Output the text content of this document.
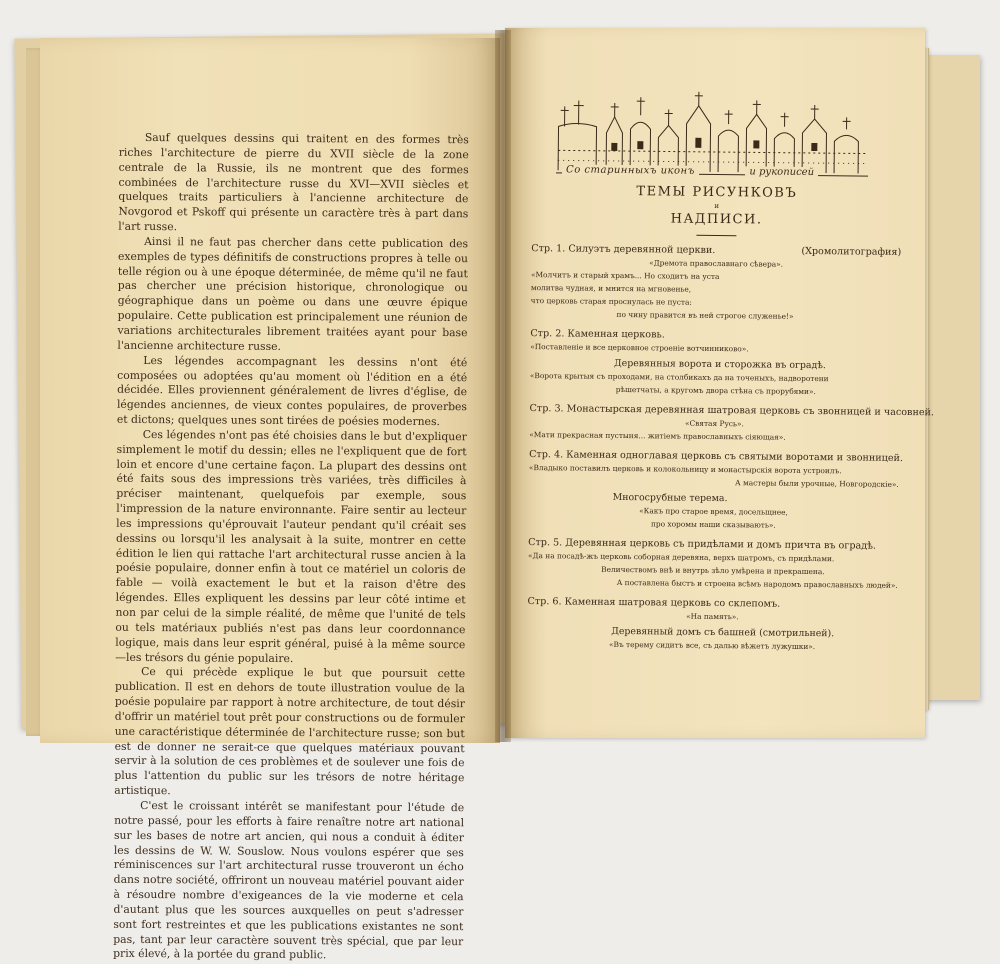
Sauf quelques dessins qui traitent en des formes très riches l'architecture de pierre du XVII siècle de la zone centrale de la Russie, ils ne montrent que des formes combinées de l'architecture russe du XVI—XVII siècles et quelques traits particuliers à l'ancienne architecture de Novgorod et Pskoff qui présente un caractère très à part dans l'art russe.

Ainsi il ne faut pas chercher dans cette publication des exemples de types définitifs de constructions propres à telle ou telle région ou à une époque déterminée, de même qu'il ne faut pas chercher une précision historique, chronologique ou géographique dans un poème ou dans une œuvre épique populaire. Cette publication est principalement une réunion de variations architecturales librement traitées ayant pour base l'ancienne architecture russe.

Les légendes accompagnant les dessins n'ont été composées ou adoptées qu'au moment où l'édition en a été décidée. Elles proviennent généralement de livres d'église, de légendes anciennes, de vieux contes populaires, de proverbes et dictons; quelques unes sont tirées de poésies modernes.

Ces légendes n'ont pas été choisies dans le but d'expliquer simplement le motif du dessin; elles ne l'expliquent que de fort loin et encore d'une certaine façon. La plupart des dessins ont été faits sous des impressions très variées, très difficiles à préciser maintenant, quelquefois par exemple, sous l'impression de la nature environnante. Faire sentir au lecteur les impressions qu'éprouvait l'auteur pendant qu'il créait ses dessins ou lorsqu'il les analysait à la suite, montrer en cette édition le lien qui rattache l'art architectural russe ancien à la poésie populaire, donner enfin à tout ce matériel un coloris de fable — voilà exactement le but et la raison d'être des légendes. Elles expliquent les dessins par leur côté intime et non par celui de la simple réalité, de même que l'unité de tels ou tels matériaux publiés n'est pas dans leur coordonnance logique, mais dans leur esprit général, puisé à la même source—les trésors du génie populaire.

Ce qui précède explique le but que poursuit cette publication. Il est en dehors de toute illustration voulue de la poésie populaire par rapport à notre architecture, de tout désir d'offrir un matériel tout prêt pour constructions ou de formuler une caractéristique déterminée de l'architecture russe; son but est de donner ne serait-ce que quelques matériaux pouvant servir à la solution de ces problèmes et de soulever une fois de plus l'attention du public sur les trésors de notre héritage artistique.

C'est le croissant intérêt se manifestant pour l'étude de notre passé, pour les efforts à faire renaître notre art national sur les bases de notre art ancien, qui nous a conduit à éditer les dessins de W. W. Souslow. Nous voulons espérer que ses réminiscences sur l'art architectural russe trouveront un écho dans notre société, offriront un nouveau matériel pouvant aider à résoudre nombre d'exigeances de la vie moderne et cela d'autant plus que les sources auxquelles on peut s'adresser sont fort restreintes et que les publications existantes ne sont pas, tant par leur caractère souvent très spécial, que par leur prix élevé, à la portée du grand public.

Со старинныхъ иконъ	и рукописей
ТЕМЫ РИСУНКОВЪ
и
НАДПИСИ.
Стр. 1. Силуэтъ деревянной церкви.	(Хромолитография)
«Дремота православнаго сѣвера».
«Молчитъ и старый храмъ... Но сходитъ на уста
молитва чудная, и мнится на мгновенье,
что церковь старая проснулась не пуста:
по чину правится въ ней строгое служенье!»
Стр. 2. Каменная церковь.
«Поставленіе и все церковное строеніе вотчинниково».
Деревянныя ворота и сторожка въ оградѣ.
«Ворота крытыя съ проходами, на столбикахъ да на точеныхъ, надворотени
рѣшетчаты, а кругомъ двора стѣна съ прорубями».
Стр. 3. Монастырская деревянная шатровая церковь съ звонницей и часовней.
«Святая Русь».
«Мати прекрасная пустыня... житіемъ православныхъ сіяющая».
Стр. 4. Каменная одноглавая церковь съ святыми воротами и звонницей.
«Владыко поставилъ церковь и колокольницу и монастырскія ворота устроилъ.
А мастеры были урочные, Новгородскіе».
Многосрубные терема.
«Какъ про старое время, досельщнее,
про хоромы наши сказывають».
Стр. 5. Деревянная церковь съ придѣлами и домъ причта въ оградѣ.
«Да на посадѣ-жъ церковь соборная деревяна, верхъ шатромъ, съ придѣлами.
Величествомъ внѣ и внутрь зѣло умѣрена и прекрашена.
А поставлена быстъ и строена всѣмъ народомъ православныхъ людей».
Стр. 6. Каменная шатровая церковь со склепомъ.
«На память».
Деревянный домъ съ башней (смотрильней).
«Въ терему сидитъ все, съ далью вѣжетъ лужушки».
